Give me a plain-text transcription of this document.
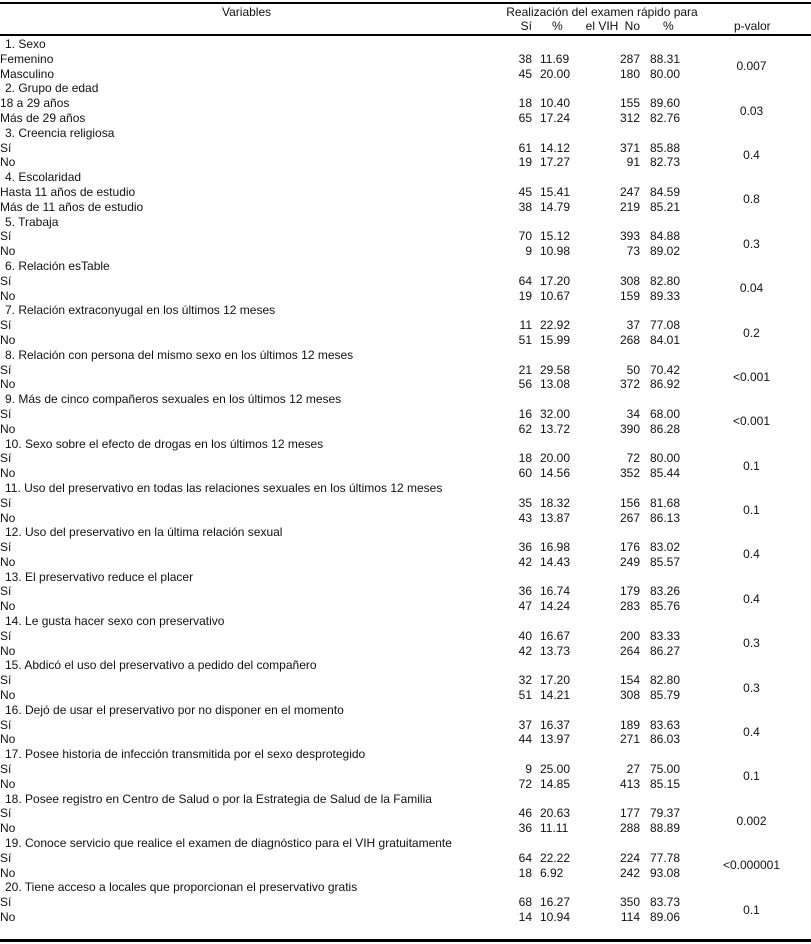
Variables	Realización del examen rápido para el VIH
Sí %	No %	p-valor
1. Sexo
Femenino	38 11.69	287 88.31
Masculino	45 20.00	180 80.00
0.007
2. Grupo de edad
18 a 29 años	18 10.40	155 89.60
Más de 29 años	65 17.24	312 82.76
0.03
3. Creencia religiosa
Sí	61 14.12	371 85.88
No	19 17.27	91 82.73
0.4
4. Escolaridad
Hasta 11 años de estudio	45 15.41	247 84.59
Más de 11 años de estudio	38 14.79	219 85.21
0.8
5. Trabaja
Sí	70 15.12	393 84.88
No	9 10.98	73 89.02
0.3
6. Relación esTable
Sí	64 17.20	308 82.80
No	19 10.67	159 89.33
0.04
7. Relación extraconyugal en los últimos 12 meses
Sí	11 22.92	37 77.08
No	51 15.99	268 84.01
0.2
8. Relación con persona del mismo sexo en los últimos 12 meses
Sí	21 29.58	50 70.42
No	56 13.08	372 86.92
<0.001
9. Más de cinco compañeros sexuales en los últimos 12 meses
Sí	16 32.00	34 68.00
No	62 13.72	390 86.28
<0.001
10. Sexo sobre el efecto de drogas en los últimos 12 meses
Sí	18 20.00	72 80.00
No	60 14.56	352 85.44
0.1
11. Uso del preservativo en todas las relaciones sexuales en los últimos 12 meses
Sí	35 18.32	156 81.68
No	43 13.87	267 86.13
0.1
12. Uso del preservativo en la última relación sexual
Sí	36 16.98	176 83.02
No	42 14.43	249 85.57
0.4
13. El preservativo reduce el placer
Sí	36 16.74	179 83.26
No	47 14.24	283 85.76
0.4
14. Le gusta hacer sexo con preservativo
Sí	40 16.67	200 83.33
No	42 13.73	264 86.27
0.3
15. Abdicó el uso del preservativo a pedido del compañero
Sí	32 17.20	154 82.80
No	51 14.21	308 85.79
0.3
16. Dejó de usar el preservativo por no disponer en el momento
Sí	37 16.37	189 83.63
No	44 13.97	271 86.03
0.4
17. Posee historia de infección transmitida por el sexo desprotegido
Sí	9 25.00	27 75.00
No	72 14.85	413 85.15
0.1
18. Posee registro en Centro de Salud o por la Estrategia de Salud de la Familia
Sí	46 20.63	177 79.37
No	36 11.11	288 88.89
0.002
19. Conoce servicio que realice el examen de diagnóstico para el VIH gratuitamente
Sí	64 22.22	224 77.78
No	18 6.92	242 93.08
<0.000001
20. Tiene acceso a locales que proporcionan el preservativo gratis
Sí	68 16.27	350 83.73
No	14 10.94	114 89.06
0.1
